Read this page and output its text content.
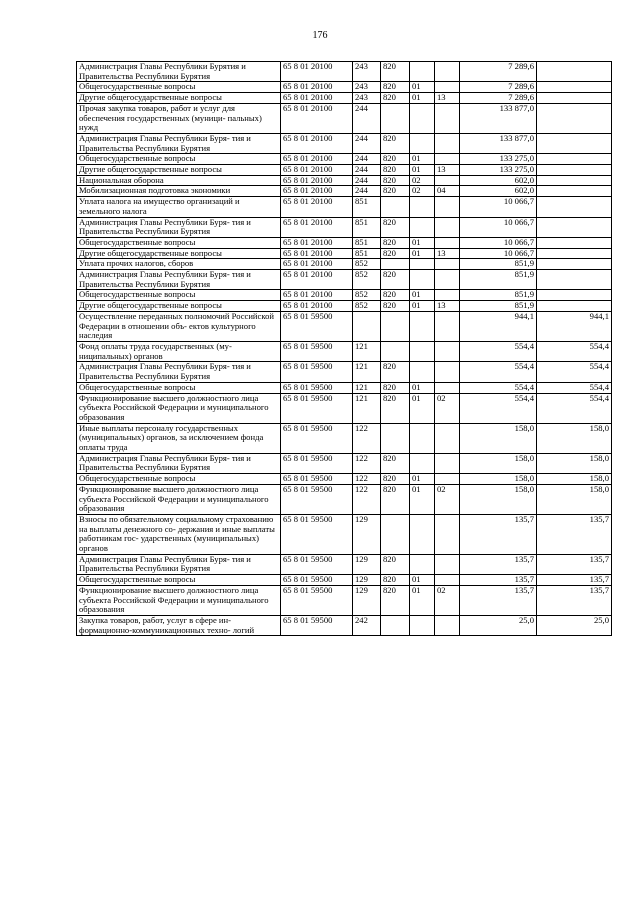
176
Администрация Главы Республики Бурятия и Правительства Республики Бурятия	65 8 01 20100	243	820			7 289,6	
Общегосударственные вопросы	65 8 01 20100	243	820	01		7 289,6	
Другие общегосударственные вопросы	65 8 01 20100	243	820	01	13	7 289,6	
Прочая закупка товаров, работ и услуг для обеспечения государственных (муници- пальных) нужд	65 8 01 20100	244				133 877,0	
Администрация Главы Республики Буря- тия и Правительства Республики Бурятия	65 8 01 20100	244	820			133 877,0	
Общегосударственные вопросы	65 8 01 20100	244	820	01		133 275,0	
Другие общегосударственные вопросы	65 8 01 20100	244	820	01	13	133 275,0	
Национальная оборона	65 8 01 20100	244	820	02		602,0	
Мобилизационная подготовка экономики	65 8 01 20100	244	820	02	04	602,0	
Уплата налога на имущество организаций и земельного налога	65 8 01 20100	851				10 066,7	
Администрация Главы Республики Буря- тия и Правительства Республики Бурятия	65 8 01 20100	851	820			10 066,7	
Общегосударственные вопросы	65 8 01 20100	851	820	01		10 066,7	
Другие общегосударственные вопросы	65 8 01 20100	851	820	01	13	10 066,7	
Уплата прочих налогов, сборов	65 8 01 20100	852				851,9	
Администрация Главы Республики Буря- тия и Правительства Республики Бурятия	65 8 01 20100	852	820			851,9	
Общегосударственные вопросы	65 8 01 20100	852	820	01		851,9	
Другие общегосударственные вопросы	65 8 01 20100	852	820	01	13	851,9	
Осуществление переданных полномочий Российской Федерации в отношении объ- ектов культурного наследия	65 8 01 59500					944,1	944,1
Фонд оплаты труда государственных (му- ниципальных) органов	65 8 01 59500	121				554,4	554,4
Администрация Главы Республики Буря- тия и Правительства Республики Бурятия	65 8 01 59500	121	820			554,4	554,4
Общегосударственные вопросы	65 8 01 59500	121	820	01		554,4	554,4
Функционирование высшего должностного лица субъекта Российской Федерации и муниципального образования	65 8 01 59500	121	820	01	02	554,4	554,4
Иные выплаты персоналу государственных (муниципальных) органов, за исключением фонда оплаты труда	65 8 01 59500	122				158,0	158,0
Администрация Главы Республики Буря- тия и Правительства Республики Бурятия	65 8 01 59500	122	820			158,0	158,0
Общегосударственные вопросы	65 8 01 59500	122	820	01		158,0	158,0
Функционирование высшего должностного лица субъекта Российской Федерации и муниципального образования	65 8 01 59500	122	820	01	02	158,0	158,0
Взносы по обязательному социальному страхованию на выплаты денежного со- держания и иные выплаты работникам гос- ударственных (муниципальных) органов	65 8 01 59500	129				135,7	135,7
Администрация Главы Республики Буря- тия и Правительства Республики Бурятия	65 8 01 59500	129	820			135,7	135,7
Общегосударственные вопросы	65 8 01 59500	129	820	01		135,7	135,7
Функционирование высшего должностного лица субъекта Российской Федерации и муниципального образования	65 8 01 59500	129	820	01	02	135,7	135,7
Закупка товаров, работ, услуг в сфере ин- формационно-коммуникационных техно- логий	65 8 01 59500	242				25,0	25,0
